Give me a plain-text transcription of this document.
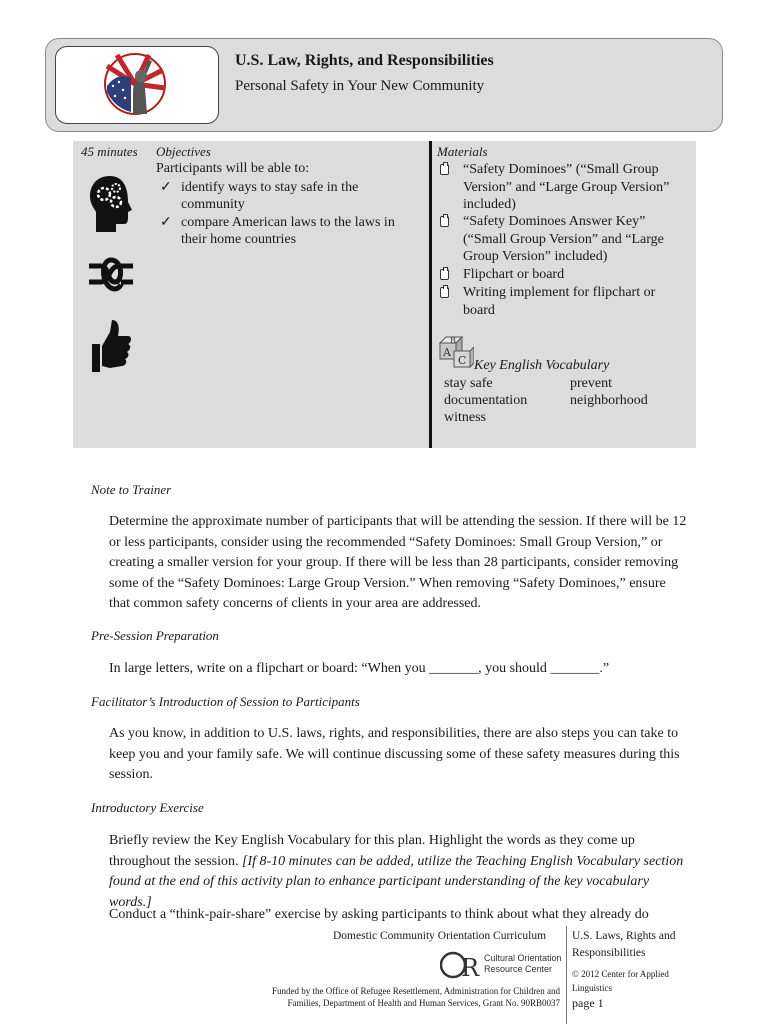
U.S. Law, Rights, and Responsibilities
Personal Safety in Your New Community
45 minutes Objectives
Participants will be able to:
✓ identify ways to stay safe in the community
✓ compare American laws to the laws in their home countries
Materials
“Safety Dominoes” (“Small Group Version” and “Large Group Version” included)
“Safety Dominoes Answer Key” (“Small Group Version” and “Large Group Version” included)
Flipchart or board
Writing implement for flipchart or board
A
B
C Key English Vocabulary
stay safe	prevent
documentation	neighborhood
witness
Note to Trainer
Determine the approximate number of participants that will be attending the session. If there will be 12 or less participants, consider using the recommended “Safety Dominoes: Small Group Version,” or creating a smaller version for your group. If there will be less than 28 participants, consider removing some of the “Safety Dominoes: Large Group Version.” When removing “Safety Dominoes,” ensure that common safety concerns of clients in your area are addressed.
Pre-Session Preparation
In large letters, write on a flipchart or board: “When you _______, you should _______.”
Facilitator’s Introduction of Session to Participants
As you know, in addition to U.S. laws, rights, and responsibilities, there are also steps you can take to keep you and your family safe. We will continue discussing some of these safety measures during this session.
Introductory Exercise
Briefly review the Key English Vocabulary for this plan. Highlight the words as they come up throughout the session. [If 8-10 minutes can be added, utilize the Teaching English Vocabulary section found at the end of this activity plan to enhance participant understanding of the key vocabulary words.]
Conduct a “think-pair-share” exercise by asking participants to think about what they already do
Domestic Community Orientation Curriculum U.S. Laws, Rights and Responsibilities
© 2012 Center for Applied Linguistics
page 1
R Cultural Orientation
Resource Center
Funded by the Office of Refugee Resettlement, Administration for Children and Families, Department of Health and Human Services, Grant No. 90RB0037
